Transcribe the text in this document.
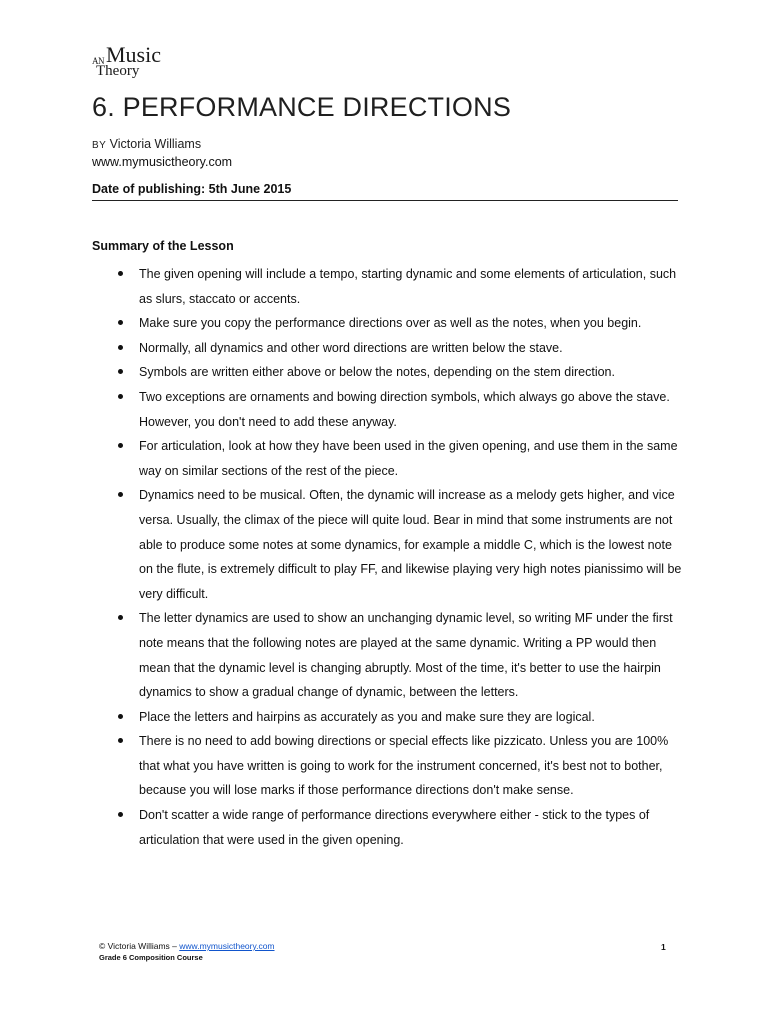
AN Music
Theory
6. PERFORMANCE DIRECTIONS
BY Victoria Williams
www.mymusictheory.com
Date of publishing: 5th June 2015
Summary of the Lesson
The given opening will include a tempo, starting dynamic and some elements of articulation, such as slurs, staccato or accents.
Make sure you copy the performance directions over as well as the notes, when you begin.
Normally, all dynamics and other word directions are written below the stave.
Symbols are written either above or below the notes, depending on the stem direction.
Two exceptions are ornaments and bowing direction symbols, which always go above the stave. However, you don't need to add these anyway.
For articulation, look at how they have been used in the given opening, and use them in the same way on similar sections of the rest of the piece.
Dynamics need to be musical. Often, the dynamic will increase as a melody gets higher, and vice versa. Usually, the climax of the piece will quite loud. Bear in mind that some instruments are not able to produce some notes at some dynamics, for example a middle C, which is the lowest note on the flute, is extremely difficult to play FF, and likewise playing very high notes pianissimo will be very difficult.
The letter dynamics are used to show an unchanging dynamic level, so writing MF under the first note means that the following notes are played at the same dynamic. Writing a PP would then mean that the dynamic level is changing abruptly. Most of the time, it's better to use the hairpin dynamics to show a gradual change of dynamic, between the letters.
Place the letters and hairpins as accurately as you and make sure they are logical.
There is no need to add bowing directions or special effects like pizzicato. Unless you are 100% that what you have written is going to work for the instrument concerned, it's best not to bother, because you will lose marks if those performance directions don't make sense.
Don't scatter a wide range of performance directions everywhere either - stick to the types of articulation that were used in the given opening.
© Victoria Williams – www.mymusictheory.com
Grade 6 Composition Course
1
